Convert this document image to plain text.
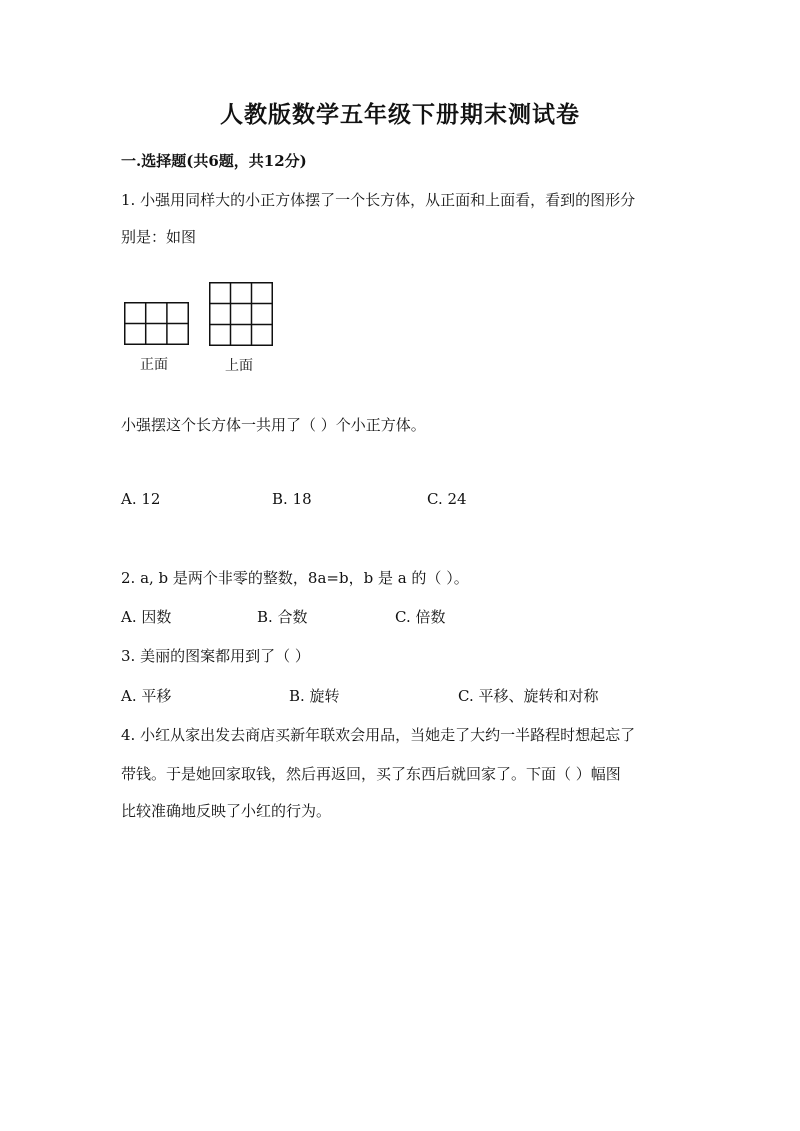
人教版数学五年级下册期末测试卷
一.选择题(共6题，共12分)
1. 小强用同样大的小正方体摆了一个长方体，从正面和上面看，看到的图形分
别是：如图
正面	上面
小强摆这个长方体一共用了（ ）个小正方体。
A. 12	B. 18	C. 24
2. a, b 是两个非零的整数，8a=b，b 是 a 的（ ）。
A. 因数	B. 合数	C. 倍数
3. 美丽的图案都用到了（ ）
A. 平移	B. 旋转	C. 平移、旋转和对称
4. 小红从家出发去商店买新年联欢会用品，当她走了大约一半路程时想起忘了
带钱。于是她回家取钱，然后再返回，买了东西后就回家了。下面（ ）幅图
比较准确地反映了小红的行为。
